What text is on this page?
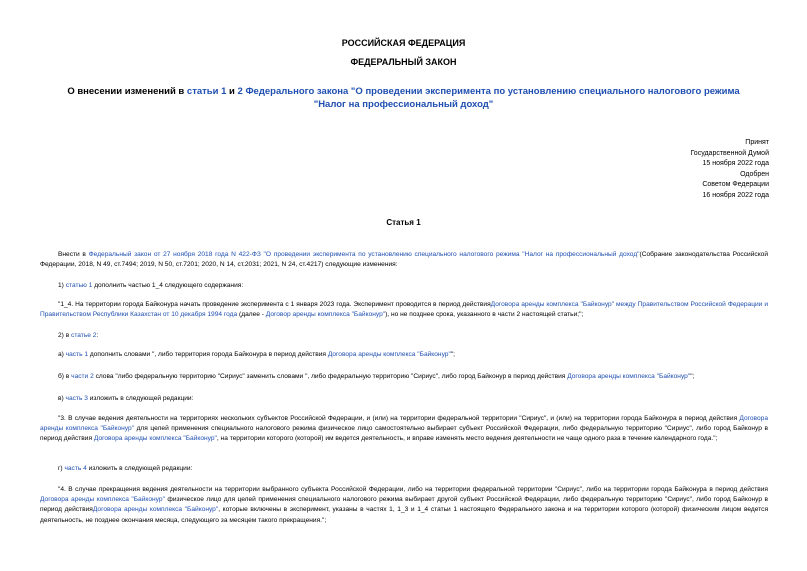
РОССИЙСКАЯ ФЕДЕРАЦИЯ
ФЕДЕРАЛЬНЫЙ ЗАКОН
О внесении изменений в статьи 1 и 2 Федерального закона "О проведении эксперимента по установлению специального налогового режима "Налог на профессиональный доход"
Принят
Государственной Думой
15 ноября 2022 года
Одобрен
Советом Федерации
16 ноября 2022 года
Статья 1
Внести в Федеральный закон от 27 ноября 2018 года N 422-ФЗ "О проведении эксперимента по установлению специального налогового режима "Налог на профессиональный доход"(Собрание законодательства Российской Федерации, 2018, N 49, ст.7494; 2019, N 50, ст.7201; 2020, N 14, ст.2031; 2021, N 24, ст.4217) следующие изменения:
1) статью 1 дополнить частью 1_4 следующего содержания:
"1_4. На территории города Байконура начать проведение эксперимента с 1 января 2023 года. Эксперимент проводится в период действияДоговора аренды комплекса "Байконур" между Правительством Российской Федерации и Правительством Республики Казахстан от 10 декабря 1994 года (далее - Договор аренды комплекса "Байконур"), но не позднее срока, указанного в части 2 настоящей статьи;";
2) в статье 2:
а) часть 1 дополнить словами ", либо территория города Байконура в период действия Договора аренды комплекса "Байконур"";
б) в части 2 слова "либо федеральную территорию "Сириус" заменить словами ", либо федеральную территорию "Сириус", либо город Байконур в период действия Договора аренды комплекса "Байконур"";
в) часть 3 изложить в следующей редакции:
"3. В случае ведения деятельности на территориях нескольких субъектов Российской Федерации, и (или) на территории федеральной территории "Сириус", и (или) на территории города Байконура в период действия Договора аренды комплекса "Байконур" для целей применения специального налогового режима физическое лицо самостоятельно выбирает субъект Российской Федерации, либо федеральную территорию "Сириус", либо город Байконур в период действия Договора аренды комплекса "Байконур", на территории которого (которой) им ведется деятельность, и вправе изменять место ведения деятельности не чаще одного раза в течение календарного года.";
г) часть 4 изложить в следующей редакции:
"4. В случае прекращения ведения деятельности на территории выбранного субъекта Российской Федерации, либо на территории федеральной территории "Сириус", либо на территории города Байконура в период действия Договора аренды комплекса "Байконур" физическое лицо для целей применения специального налогового режима выбирает другой субъект Российской Федерации, либо федеральную территорию "Сириус", либо город Байконур в период действияДоговора аренды комплекса "Байконур", которые включены в эксперимент, указаны в частях 1, 1_3 и 1_4 статьи 1 настоящего Федерального закона и на территории которого (которой) физическим лицом ведется деятельность, не позднее окончания месяца, следующего за месяцем такого прекращения.";
